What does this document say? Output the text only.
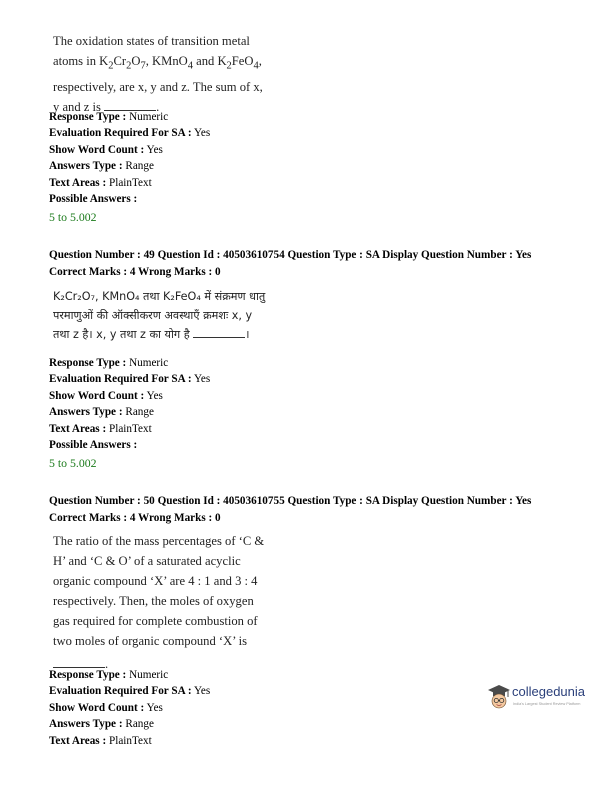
The oxidation states of transition metal
atoms in $K_2Cr_2O_7$, KMnO$_4$ and $K_2FeO_4$,
respectively, are x, y and z. The sum of x,
y and z is	.
Response Type : Numeric
Evaluation Required For SA : Yes
Show Word Count : Yes
Answers Type : Range
Text Areas : PlainText
Possible Answers :
5 to 5.002
Question Number : 49 Question Id : 40503610754 Question Type : SA Display Question Number : Yes
Correct Marks : 4 Wrong Marks : 0
K₂Cr₂O₇, KMnO₄ तथा K₂FeO₄ में संक्रमण धातु
परमाणुओं की ऑक्सीकरण अवस्थाएँ क्रमशः x, y
तथा z है। x, y तथा z का योग है	।
Response Type : Numeric
Evaluation Required For SA : Yes
Show Word Count : Yes
Answers Type : Range
Text Areas : PlainText
Possible Answers :
5 to 5.002
Question Number : 50 Question Id : 40503610755 Question Type : SA Display Question Number : Yes
Correct Marks : 4 Wrong Marks : 0
The ratio of the mass percentages of ‘C &
H’ and ‘C & O’ of a saturated acyclic
organic compound ‘X’ are 4 : 1 and 3 : 4
respectively. Then, the moles of oxygen
gas required for complete combustion of
two moles of organic compound ‘X’ is
.
Response Type : Numeric
Evaluation Required For SA : Yes
Show Word Count : Yes
Answers Type : Range
Text Areas : PlainText
collegedunia
India's Largest Student Review Platform
